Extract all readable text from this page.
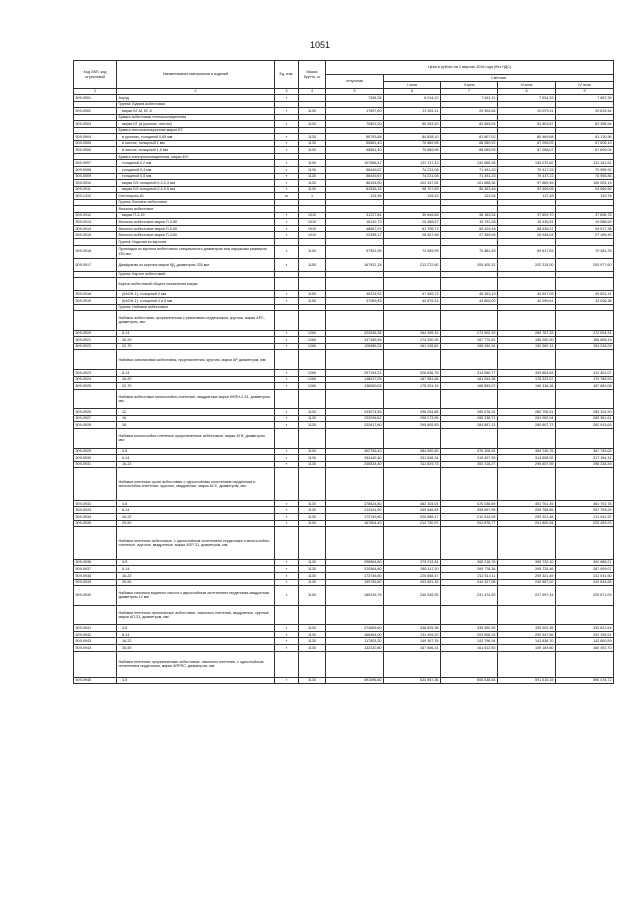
1051
Код ОКП, код отраслевой	Наименование материалов и изделий	Ед. изм.	Масса брутто, кг	Цена в рублях на 1 квартал 2016 года (без НДС)				
				отпускная	Сметная			
					I зона	II зона	III зона	IV зона
1	2	3	4	5	6	7	8	9
509-0901	Асунд	т		7306,25	8 014,22	7 641,11	7 534,33	7 667,39
	Группа: Бумага асбестовая							
509-0902	марки БГ-М, БГ-К	т	1130	17697,60	21 551,11	20 904,84	20 679,11	20 819,44
	Бумага асбестовая теплоизоляционная							
509-0903	марки БТ (в рулонах, листах)	т	1130	70801,20	85 263,30	82 665,94	81 803,87	82 358,94
	Бумага теплоизоляционная марки БТ:							
509-0904	в рулонах, толщиной 0,65 мм	т	1130	66793,68	84 828,10	81 807,02	80 469,68	81 130,96
509-0905	в листах, толщиной 1 мм	т	1130	55661,40	70 689,98	68 089,92	67 098,05	67 609,13
509-0906	в листах, толщиной 1,5 мм	т	1130	55661,40	70 689,98	68 089,92	67 098,07	67 609,04
	Бумага электроизоляционная, марки БЭ:							
509-0907	толщиной 0,2 мм	т	1130	107966,47	137 117,42	132 066,38	130 072,62	131 161,51
509-0908	толщиной 0,4 мм	т	1130	58449,67	74 231,08	71 491,20	70 417,25	70 955,92
509-0909	толщиной 0,5 мм	т	1130	58449,67	74 231,08	71 491,23	70 417,22	70 955,85
509-0910	марки БЭ толщиной 0,2-0,3 мм	т	1130	86194,50	104 347,05	101 858,36	97 689,46	100 004,19
509-0911	марки БЭ толщиной 0,4-0,5 мм	т	1130	81536,15	98 707,65	96 353,46	92 599,06	94 569,50
509-1412	Сентопрокс-61	кг	1	113,96	126,32	122,04	117,48	119,78
	Группа: Волокно асбестовое							
	Волокно асбестовое							
509-0912	марки П-3-15	т	1010	31217,84	39 646,66	38 183,34	37 609,70	37 896,75
509-0913	Волокно асбестовое марки П-3-50	т	1010	16132,73	20 488,57	19 732,38	19 435,91	19 568,63
509-0914	Волокно асбестовое марки П-5-50	т	1010	48567,97	61 706,72	59 429,18	58 536,37	59 017,38
509-0915	Волокно асбестовое марки П-3-60	т	1010	22398,17	28 407,58	27 359,06	26 948,04	27 169,49
	Группа: Изделия из картона							
509-0916	Прокладки из картона асбестового специального диаметром или наружным размером 150 мм	т	1130	57951,95	73 596,99	70 882,49	69 817,63	70 381,33
509-0917	Диафрагма из картона марки КД, диаметром 330 мм	т	1150	167931,18	213 272,60	205 400,31	202 315,00	203 977,60
	Группа: Картон асбестовый							
	Картон асбестовый общего назначения марки:							
509-0918	(КАОН-1), толщиной 2 мм	т	1150	39224,92	47 485,73	46 353,19	44 547,05	45 501,41
509-0919	(КАОН-1), толщиной 4 и 6 мм	т	1150	37069,45	44 876,31	43 806,00	42 099,61	43 008,38
	Группа: Набивки асбестовые							
	Набивка асбестовая, прорезиненная с резиновым сердечником, круглая, марки АРС, диаметром, мм:							
509-0920	8-14	т	1260	223936,38	284 399,19	273 902,19	269 787,33	272 004,31
509-0921	16-20	т	1260	137165,56	174 200,25	167 770,51	165 250,20	166 608,15
509-0922	22-70	т	1260	126985,25	161 245,62	155 294,34	152 962,13	154 218,29
	Набивка сальниковая асбестовая, прорезиненная, круглая, марки АР, диаметром, мм:							
509-0923	8-14	т	1260	257194,31	326 636,75	314 580,77	309 854,63	312 401,07
509-0924	16-20	т	1260	148017,05	187 981,68	181 043,36	178 323,57	179 788,93
509-0925	22-70	т	1260	138050,53	175 324,19	168 853,07	166 316,28	167 683,08
	Набивки асбестовые многослойно-плетеные, квадратные марки НКПН-2-31, диаметром, мм:							
509-0926	12	т	1130	233074,55	296 004,68	285 078,31	280 795,51	283 104,90
509-0927	16	т	1130	233296,62	296 273,99	285 338,71	281 052,04	283 361,61
509-0928	18	т	1130	232817,80	295 605,83	284 857,13	280 607,73	282 913,63
	Набивки многослойно-плетеные прорезиненные асбестовые, марки АГИ, диаметром, мм:							
509-0929	4-5	т	1130	302756,40	384 500,60	370 308,94	364 745,76	367 745,02
509-0930	6-14	т	1130	261140,40	331 648,34	319 407,39	314 608,92	317 194,31
509-0931	16-22	т	1130	245534,40	311 829,75	300 318,27	295 807,59	298 238,39
	Набивки плетеные сухие асбестовые с однослойным оплетением сердечника и многослойно-плетеные, круглые, квадратные, марки АСС, диаметром, мм:							
509-0932	4-5	т	1130	378624,80	482 104,01	470 038,69	451 761,45	461 701,78
509-0933	6-14	т	1130	212341,50	269 646,83	259 697,99	255 798,85	257 799,25
509-0934	16-22	т	1130	173749,80	220 658,47	212 514,09	209 321,48	211 041,57
509-0935	25-50	т	1130	167604,40	212 730,97	204 878,77	201 800,94	203 459,23
	Набивки плетеные асбестовые, с однослойным оплетением сердечника и многослойно-плетеные, круглые, квадратные, марки АПР-31, диаметром, мм:							
509-0936	4-5	т	1130	298564,80	379 213,44	365 218,78	359 732,10	362 688,21
509-0937	6-14	т	1130	220564,80	280 117,30	269 778,36	265 725,46	267 909,07
509-0938	16-22	т	1130	173746,80	220 658,47	212 514,11	209 321,49	211 041,60
509-0939	25-50	т	1130	199756,80	253 691,16	244 327,58	240 657,02	242 634,66
509-0940	Набивки сальника водяного насоса с двухслойным оплетением сердечника квадратная, диаметром 12 мм	т	1130	189246,76	240 345,93	231 474,90	227 997,44	229 871,00
	Набивки плетеные пропитанные асбестовые, сквозного плетения, квадратные, круглые, марки АП-31, диаметром, мм:							
509-0941	4-5	т	1130	274665,60	348 825,36	335 950,39	330 903,35	333 622,64
509-0942	8-14	т	1130	166464,00	211 409,20	203 606,33	200 547,56	202 195,51
509-0943	16-22	т	1130	117503,20	149 307,76	143 796,94	141 636,70	142 800,59
509-0944	25-50	т	1130	132130,80	167 806,14	161 612,50	159 184,60	160 492,70
	Набивки плетеные прорезиненные асбестовые, сквозного плетения, с однослойным оплетением сердечника, марки АПРПС, диаметром, мм:							
509-0945	3-5	т	1130	491096,80	623 557,36	600 538,54	591 515,19	596 476,72
